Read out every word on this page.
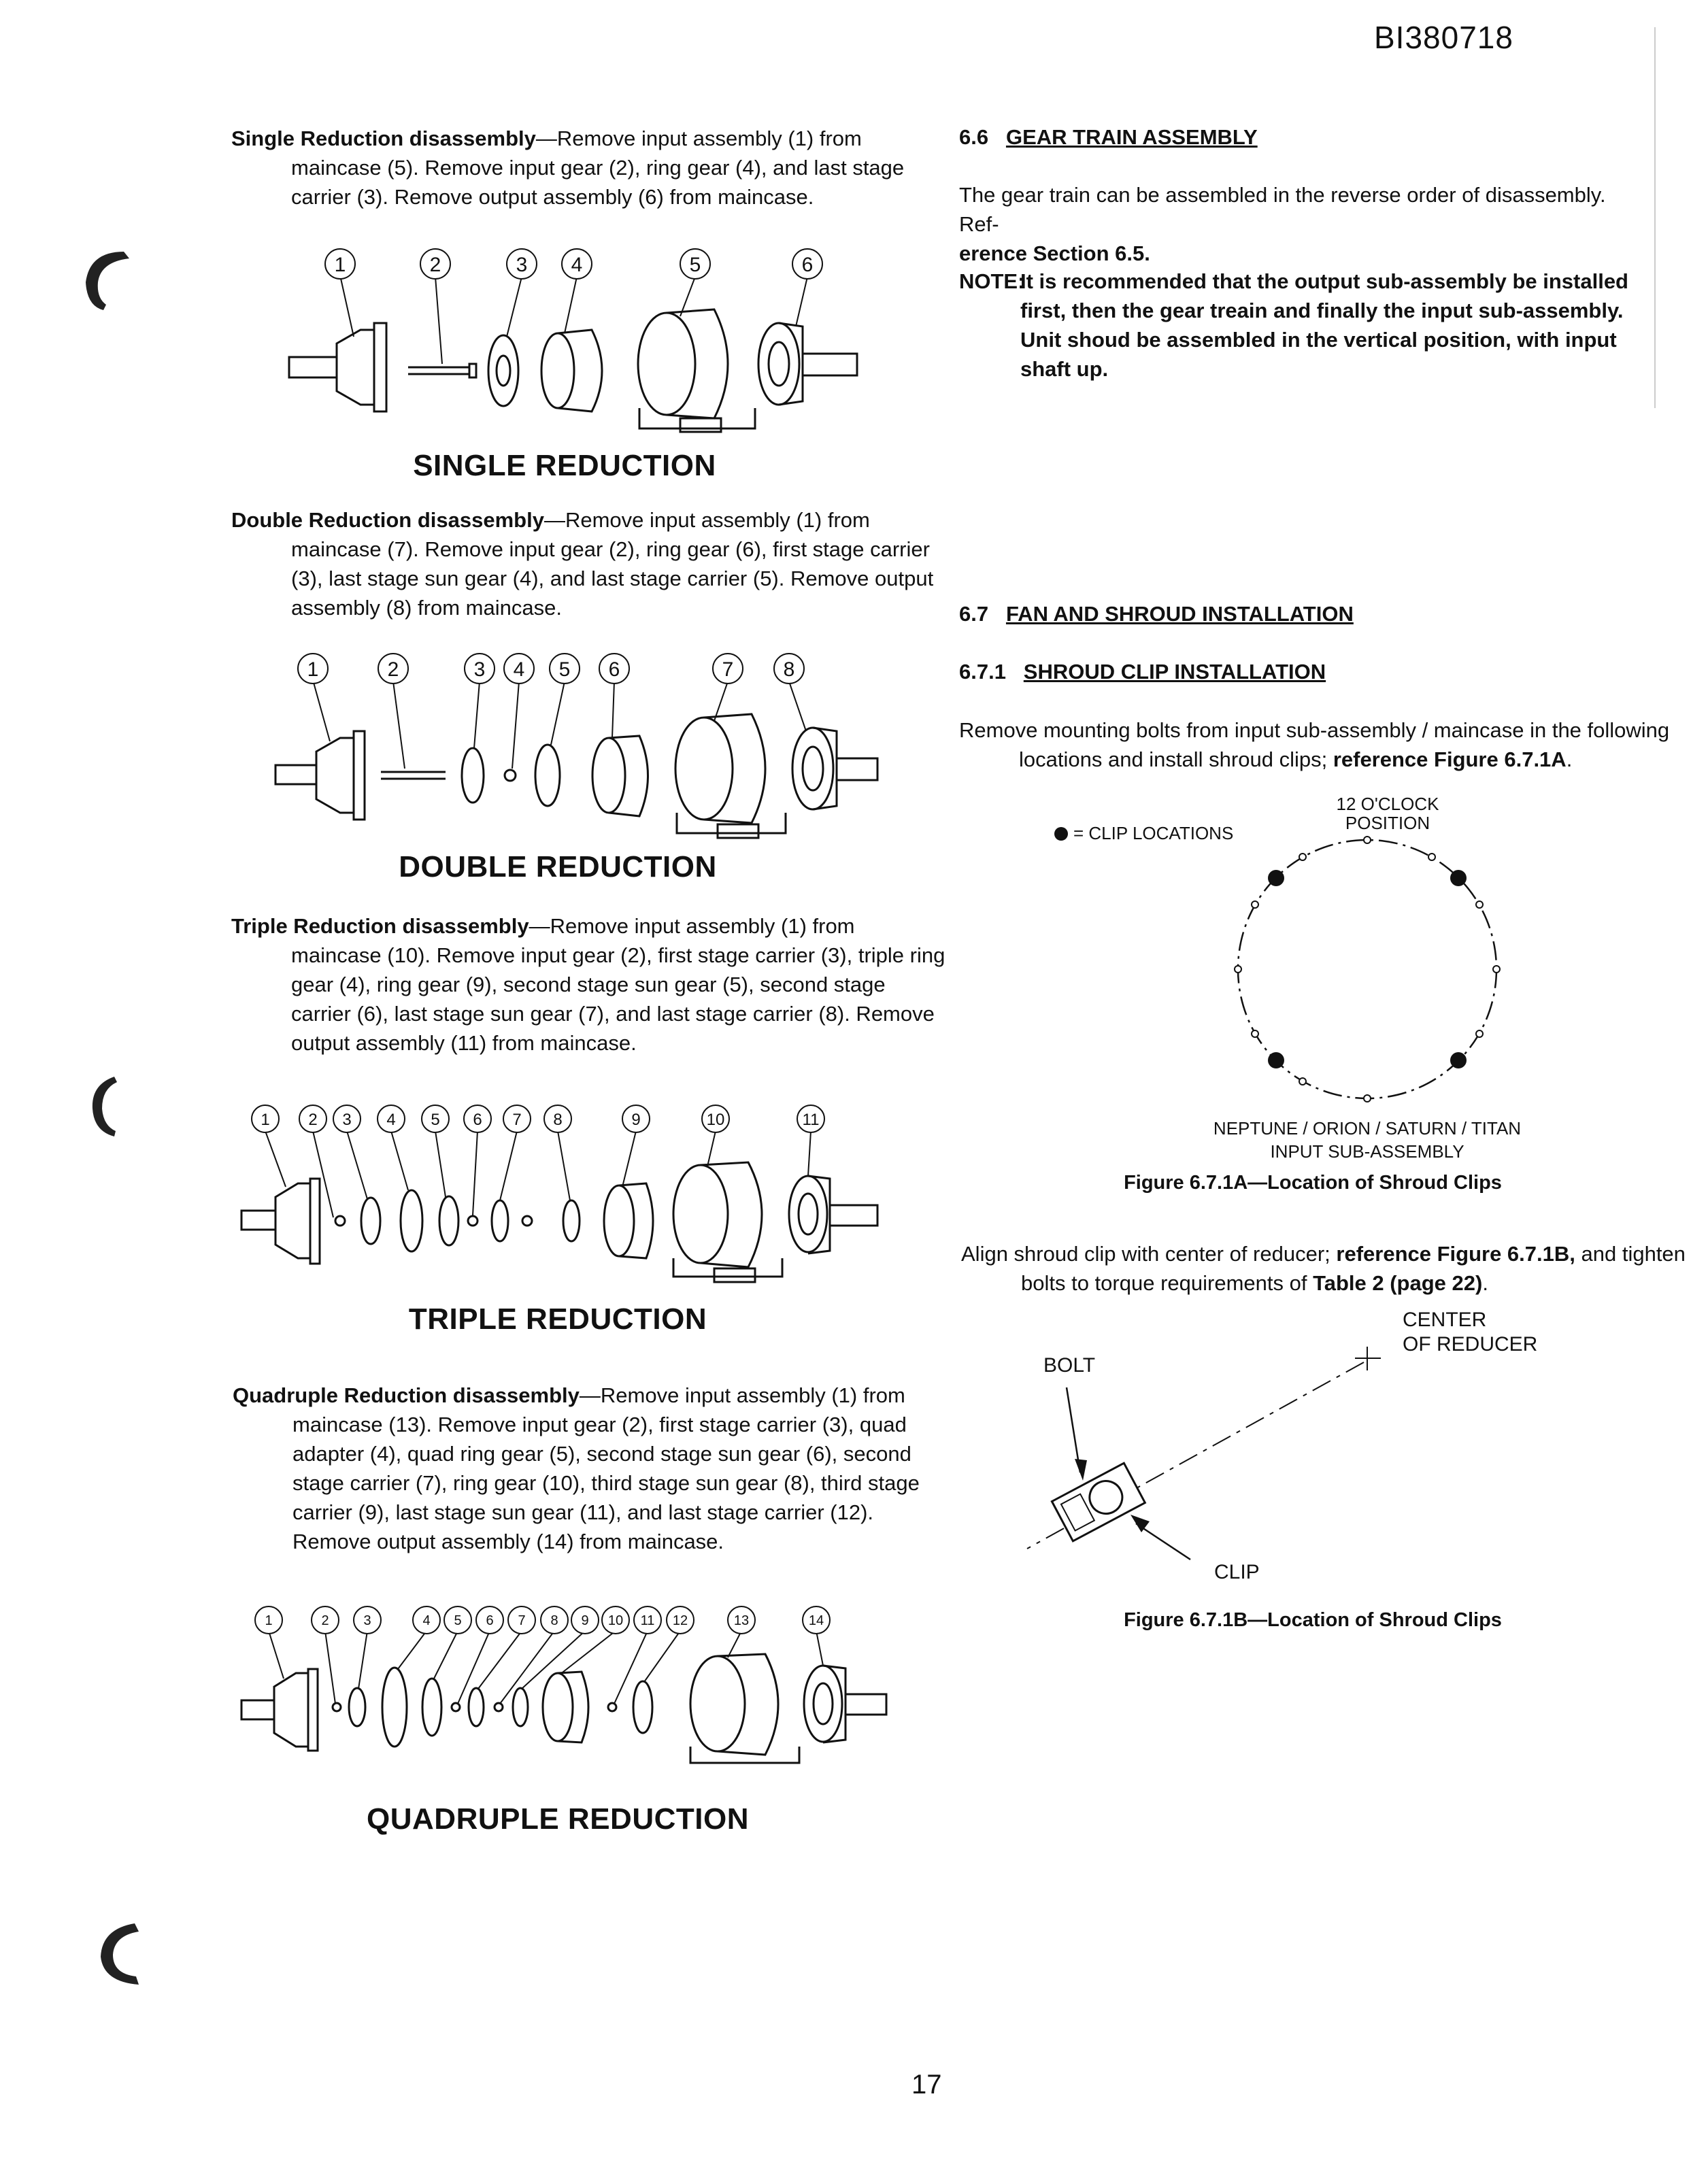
BI380718
Single Reduction disassembly—Remove input assembly (1) from maincase (5). Remove input gear (2), ring gear (4), and last stage carrier (3). Remove output assembly (6) from maincase.
1	2	3 4	5	6
SINGLE REDUCTION
Double Reduction disassembly—Remove input assembly (1) from maincase (7). Remove input gear (2), ring gear (6), first stage carrier (3), last stage sun gear (4), and last stage carrier (5). Remove output assembly (8) from maincase.
1	2	3 4 5 6	7 8
DOUBLE REDUCTION
Triple Reduction disassembly—Remove input assembly (1) from maincase (10). Remove input gear (2), first stage carrier (3), triple ring gear (4), ring gear (9), second stage sun gear (5), second stage carrier (6), last stage sun gear (7), and last stage carrier (8). Remove output assembly (11) from maincase.
1 2 3 4 5 6 7 8	9	10	11
TRIPLE REDUCTION
Quadruple Reduction disassembly—Remove input assembly (1) from maincase (13). Remove input gear (2), first stage carrier (3), quad adapter (4), quad ring gear (5), second stage sun gear (6), second stage carrier (7), ring gear (10), third stage sun gear (8), third stage carrier (9), last stage sun gear (11), and last stage carrier (12). Remove output assembly (14) from maincase.
1	2	3	4 5 6 7 8 9 10 11 12	13	14
QUADRUPLE REDUCTION
6.6 GEAR TRAIN ASSEMBLY
The gear train can be assembled in the reverse order of disassembly. Ref-
erence Section 6.5.
NOTE:
It is recommended that the output sub-assembly be installed first, then the gear treain and finally the input sub-assembly. Unit shoud be assembled in the vertical position, with input shaft up.
6.7 FAN AND SHROUD INSTALLATION
6.7.1 SHROUD CLIP INSTALLATION
Remove mounting bolts from input sub-assembly / maincase in the following locations and install shroud clips; reference Figure 6.7.1A.
= CLIP LOCATIONS
12 O'CLOCK
POSITION
NEPTUNE / ORION / SATURN / TITAN
INPUT SUB-ASSEMBLY
Figure 6.7.1A—Location of Shroud Clips
Align shroud clip with center of reducer; reference Figure 6.7.1B, and tighten bolts to torque requirements of Table 2 (page 22).
CENTER
OF REDUCER
BOLT
CLIP
Figure 6.7.1B—Location of Shroud Clips
17
